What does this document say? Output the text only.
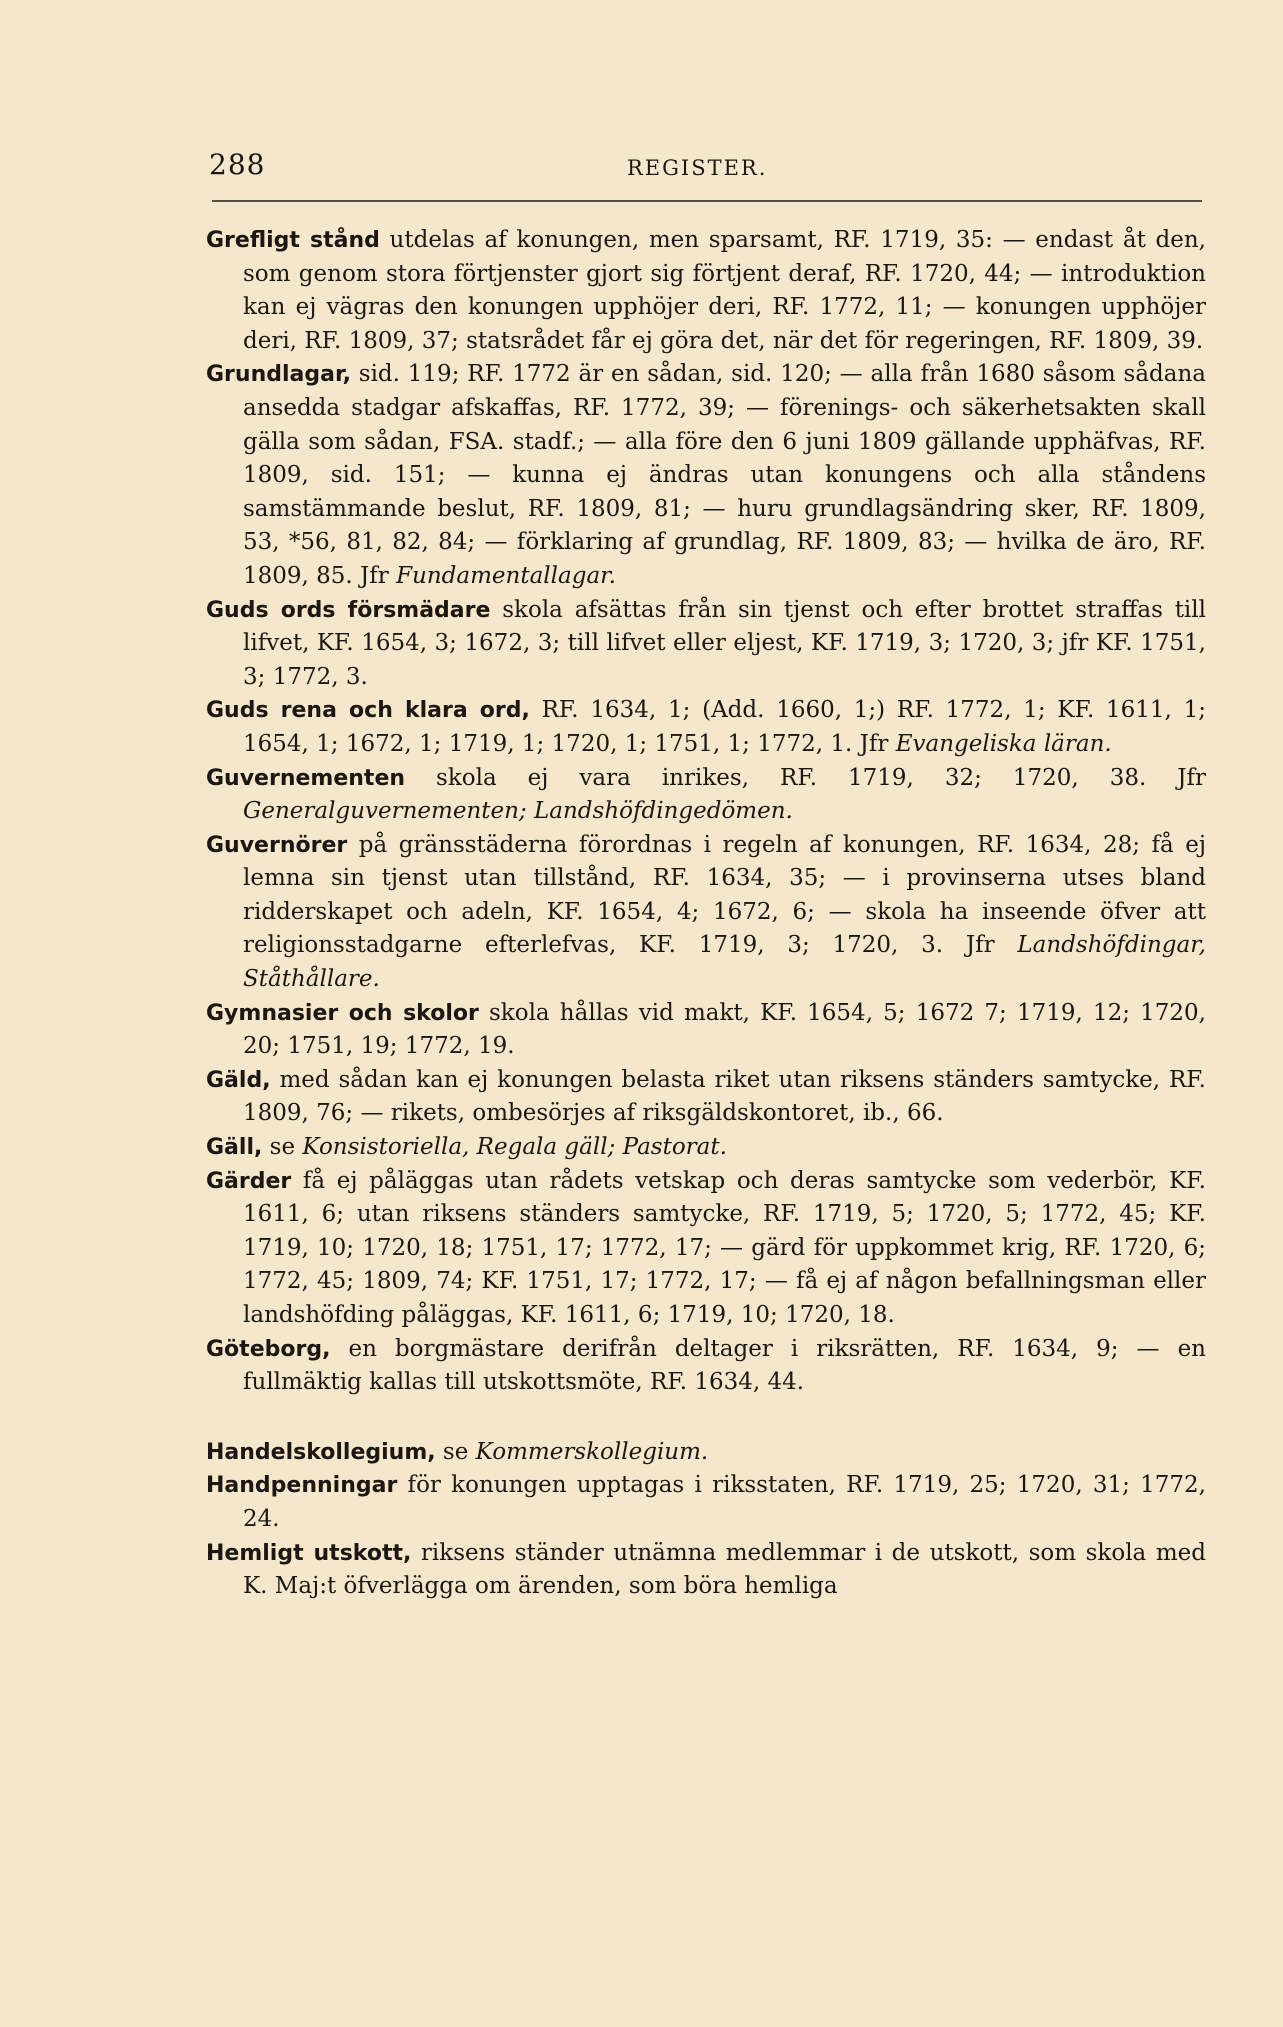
288	REGISTER.

Grefligt stånd utdelas af konungen, men sparsamt, RF. 1719, 35: — endast åt den, som genom stora förtjenster gjort sig förtjent deraf, RF. 1720, 44; — introduktion kan ej vägras den konungen upphöjer deri, RF. 1772, 11; — konungen upphöjer deri, RF. 1809, 37; statsrådet får ej göra det, när det för regeringen, RF. 1809, 39.

Grundlagar, sid. 119; RF. 1772 är en sådan, sid. 120; — alla från 1680 såsom sådana ansedda stadgar afskaffas, RF. 1772, 39; — förenings- och säkerhetsakten skall gälla som sådan, FSA. stadf.; — alla före den 6 juni 1809 gällande upphäfvas, RF. 1809, sid. 151; — kunna ej ändras utan konungens och alla ståndens samstämmande beslut, RF. 1809, 81; — huru grundlagsändring sker, RF. 1809, 53, *56, 81, 82, 84; — förklaring af grundlag, RF. 1809, 83; — hvilka de äro, RF. 1809, 85. Jfr Fundamentallagar.

Guds ords försmädare skola afsättas från sin tjenst och efter brottet straffas till lifvet, KF. 1654, 3; 1672, 3; till lifvet eller eljest, KF. 1719, 3; 1720, 3; jfr KF. 1751, 3; 1772, 3.

Guds rena och klara ord, RF. 1634, 1; (Add. 1660, 1;) RF. 1772, 1; KF. 1611, 1; 1654, 1; 1672, 1; 1719, 1; 1720, 1; 1751, 1; 1772, 1. Jfr Evangeliska läran.

Guvernementen skola ej vara inrikes, RF. 1719, 32; 1720, 38. Jfr Generalguvernementen; Landshöfdingedömen.

Guvernörer på gränsstäderna förordnas i regeln af konungen, RF. 1634, 28; få ej lemna sin tjenst utan tillstånd, RF. 1634, 35; — i provinserna utses bland ridderskapet och adeln, KF. 1654, 4; 1672, 6; — skola ha inseende öfver att religionsstadgarne efterlefvas, KF. 1719, 3; 1720, 3. Jfr Landshöfdingar, Ståthållare.

Gymnasier och skolor skola hållas vid makt, KF. 1654, 5; 1672 7; 1719, 12; 1720, 20; 1751, 19; 1772, 19.

Gäld, med sådan kan ej konungen belasta riket utan riksens ständers samtycke, RF. 1809, 76; — rikets, ombesörjes af riksgäldskontoret, ib., 66.

Gäll, se Konsistoriella, Regala gäll; Pastorat.

Gärder få ej påläggas utan rådets vetskap och deras samtycke som vederbör, KF. 1611, 6; utan riksens ständers samtycke, RF. 1719, 5; 1720, 5; 1772, 45; KF. 1719, 10; 1720, 18; 1751, 17; 1772, 17; — gärd för uppkommet krig, RF. 1720, 6; 1772, 45; 1809, 74; KF. 1751, 17; 1772, 17; — få ej af någon befallningsman eller landshöfding påläggas, KF. 1611, 6; 1719, 10; 1720, 18.

Göteborg, en borgmästare derifrån deltager i riksrätten, RF. 1634, 9; — en fullmäktig kallas till utskottsmöte, RF. 1634, 44.

Handelskollegium, se Kommerskollegium.

Handpenningar för konungen upptagas i riksstaten, RF. 1719, 25; 1720, 31; 1772, 24.

Hemligt utskott, riksens ständer utnämna medlemmar i de utskott, som skola med K. Maj:t öfverlägga om ärenden, som böra hemliga
